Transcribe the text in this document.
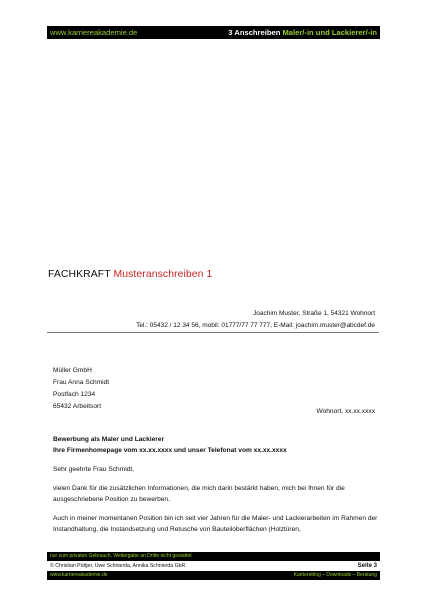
www.karriereakademie.de	3 Anschreiben Maler/-in und Lackierer/-in
FACHKRAFT Musteranschreiben 1
Joachim Muster, Straße 1, 54321 Wohnort
Tel.: 05432 / 12 34 56, mobil: 01777/77 77 777, E-Mail: joachim.muster@abcdef.de
Müller GmbH
Frau Anna Schmidt
Postfach 1234
65432 Arbeitsort
Wohnort, xx.xx.xxxx

Bewerbung als Maler und Lackierer
Ihre Firmenhomepage vom xx.xx.xxxx und unser Telefonat vom xx.xx.xxxx

Sehr geehrte Frau Schmidt,

vielen Dank für die zusätzlichen Informationen, die mich darin bestärkt haben, mich bei Ihnen für die ausgeschriebene Position zu bewerben.

Auch in meiner momentanen Position bin ich seit vier Jahren für die Maler- und Lackierarbeiten im Rahmen der Instandhaltung, die Instandsetzung und Retusche von Bauteiloberflächen (Holztüren,

nur zum privaten Gebrauch, Weitergabe an Dritte nicht gestattet
© Christian Püttjer, Uwe Schnierda, Annika Schnierda GbR	Seite 3
www.karriereakademie.de	Karriereblog – Downloads – Beratung
